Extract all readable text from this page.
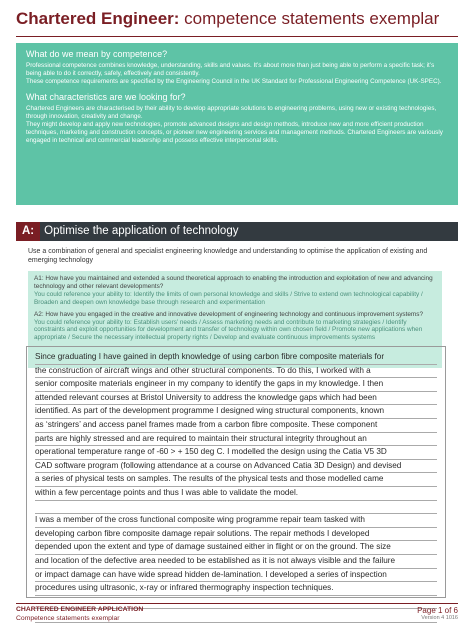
Chartered Engineer: competence statements exemplar

What do we mean by competence?

Professional competence combines knowledge, understanding, skills and values. It’s about more than just being able to perform a specific task; it’s being able to do it correctly, safely, effectively and consistently.

These competence requirements are specified by the Engineering Council in the UK Standard for Professional Engineering Competence (UK-SPEC).

What characteristics are we looking for?

Chartered Engineers are characterised by their ability to develop appropriate solutions to engineering problems, using new or existing technologies, through innovation, creativity and change.

They might develop and apply new technologies, promote advanced designs and design methods, introduce new and more efficient production techniques, marketing and construction concepts, or pioneer new engineering services and management methods. Chartered Engineers are variously engaged in technical and commercial leadership and possess effective interpersonal skills.

A: Optimise the application of technology
Use a combination of general and specialist engineering knowledge and understanding to optimise the application of existing and emerging technology
A1: How have you maintained and extended a sound theoretical approach to enabling the introduction and exploitation of new and advancing technology and other relevant developments?
You could reference your ability to: Identify the limits of own personal knowledge and skills / Strive to extend own technological capability / Broaden and deepen own knowledge base through research and experimentation
A2: How have you engaged in the creative and innovative development of engineering technology and continuous improvement systems?
You could reference your ability to: Establish users’ needs / Assess marketing needs and contribute to marketing strategies / Identify constraints and exploit opportunities for development and transfer of technology within own chosen field / Promote new applications when appropriate / Secure the necessary intellectual property rights / Develop and evaluate continuous improvements systems
Since graduating I have gained in depth knowledge of using carbon fibre composite materials for
the construction of aircraft wings and other structural components. To do this, I worked with a
senior composite materials engineer in my company to identify the gaps in my knowledge. I then
attended relevant courses at Bristol University to address the knowledge gaps which had been
identified. As part of the development programme I designed wing structural components, known
as ‘stringers’ and access panel frames made from a carbon fibre composite. These component
parts are highly stressed and are required to maintain their structural integrity throughout an
operational temperature range of -60 > + 150 deg C. I modelled the design using the Catia V5 3D
CAD software program (following attendance at a course on Advanced Catia 3D Design) and devised
a series of physical tests on samples. The results of the physical tests and those modelled came
within a few percentage points and thus I was able to validate the model.
I was a member of the cross functional composite wing programme repair team tasked with
developing carbon fibre composite damage repair solutions. The repair methods I developed
depended upon the extent and type of damage sustained either in flight or on the ground. The size
and location of the defective area needed to be established as it is not always visible and the failure
or impact damage can have wide spread hidden de-lamination. I developed a series of inspection
procedures using ultrasonic, x-ray or infrared thermography inspection techniques.
CHARTERED ENGINEER APPLICATION
Competence statements exemplar
Page 1 of 6
Version 4 1016
